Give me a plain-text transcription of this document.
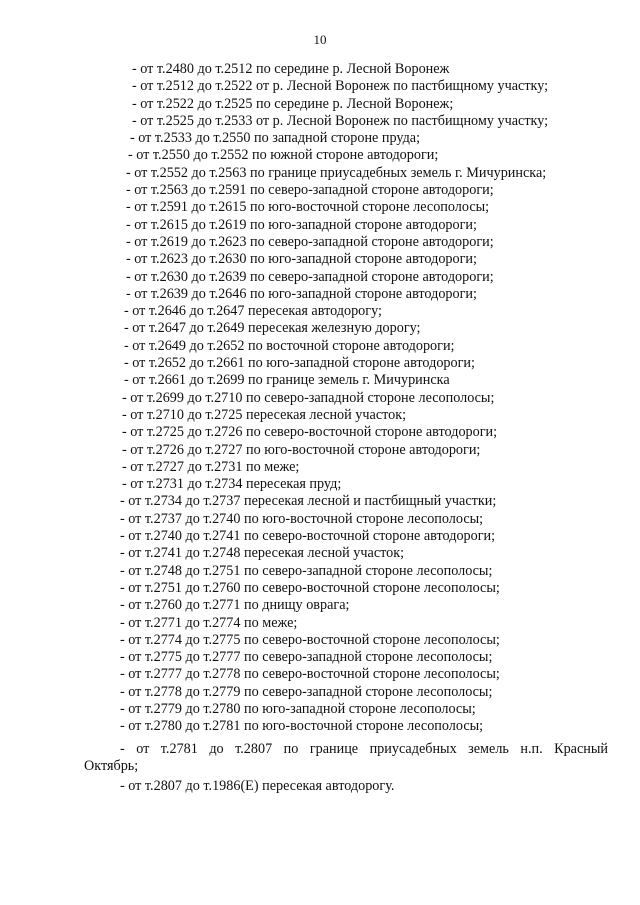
10
- от т.2480 до т.2512 по середине р. Лесной Воронеж
- от т.2512 до т.2522 от р. Лесной Воронеж по пастбищному участку;
- от т.2522 до т.2525 по середине р. Лесной Воронеж;
- от т.2525 до т.2533 от р. Лесной Воронеж по пастбищному участку;
- от т.2533 до т.2550 по западной стороне пруда;
- от т.2550 до т.2552 по южной стороне автодороги;
- от т.2552 до т.2563 по границе приусадебных земель г. Мичуринска;
- от т.2563 до т.2591 по северо-западной стороне автодороги;
- от т.2591 до т.2615 по юго-восточной стороне лесополосы;
- от т.2615 до т.2619 по юго-западной стороне автодороги;
- от т.2619 до т.2623 по северо-западной стороне автодороги;
- от т.2623 до т.2630 по юго-западной стороне автодороги;
- от т.2630 до т.2639 по северо-западной стороне автодороги;
- от т.2639 до т.2646 по юго-западной стороне автодороги;
- от т.2646 до т.2647 пересекая автодорогу;
- от т.2647 до т.2649 пересекая железную дорогу;
- от т.2649 до т.2652 по восточной стороне автодороги;
- от т.2652 до т.2661 по юго-западной стороне автодороги;
- от т.2661 до т.2699 по границе земель г. Мичуринска
- от т.2699 до т.2710 по северо-западной стороне лесополосы;
- от т.2710 до т.2725 пересекая лесной участок;
- от т.2725 до т.2726 по северо-восточной стороне автодороги;
- от т.2726 до т.2727 по юго-восточной стороне автодороги;
- от т.2727 до т.2731 по меже;
- от т.2731 до т.2734 пересекая пруд;
- от т.2734 до т.2737 пересекая лесной и пастбищный участки;
- от т.2737 до т.2740 по юго-восточной стороне лесополосы;
- от т.2740 до т.2741 по северо-восточной стороне автодороги;
- от т.2741 до т.2748 пересекая лесной участок;
- от т.2748 до т.2751 по северо-западной стороне лесополосы;
- от т.2751 до т.2760 по северо-восточной стороне лесополосы;
- от т.2760 до т.2771 по днищу оврага;
- от т.2771 до т.2774 по меже;
- от т.2774 до т.2775 по северо-восточной стороне лесополосы;
- от т.2775 до т.2777 по северо-западной стороне лесополосы;
- от т.2777 до т.2778 по северо-восточной стороне лесополосы;
- от т.2778 до т.2779 по северо-западной стороне лесополосы;
- от т.2779 до т.2780 по юго-западной стороне лесополосы;
- от т.2780 до т.2781 по юго-восточной стороне лесополосы;
- от т.2781 до т.2807 по границе приусадебных земель н.п. Красный
Октябрь;
- от т.2807 до т.1986(Е) пересекая автодорогу.
